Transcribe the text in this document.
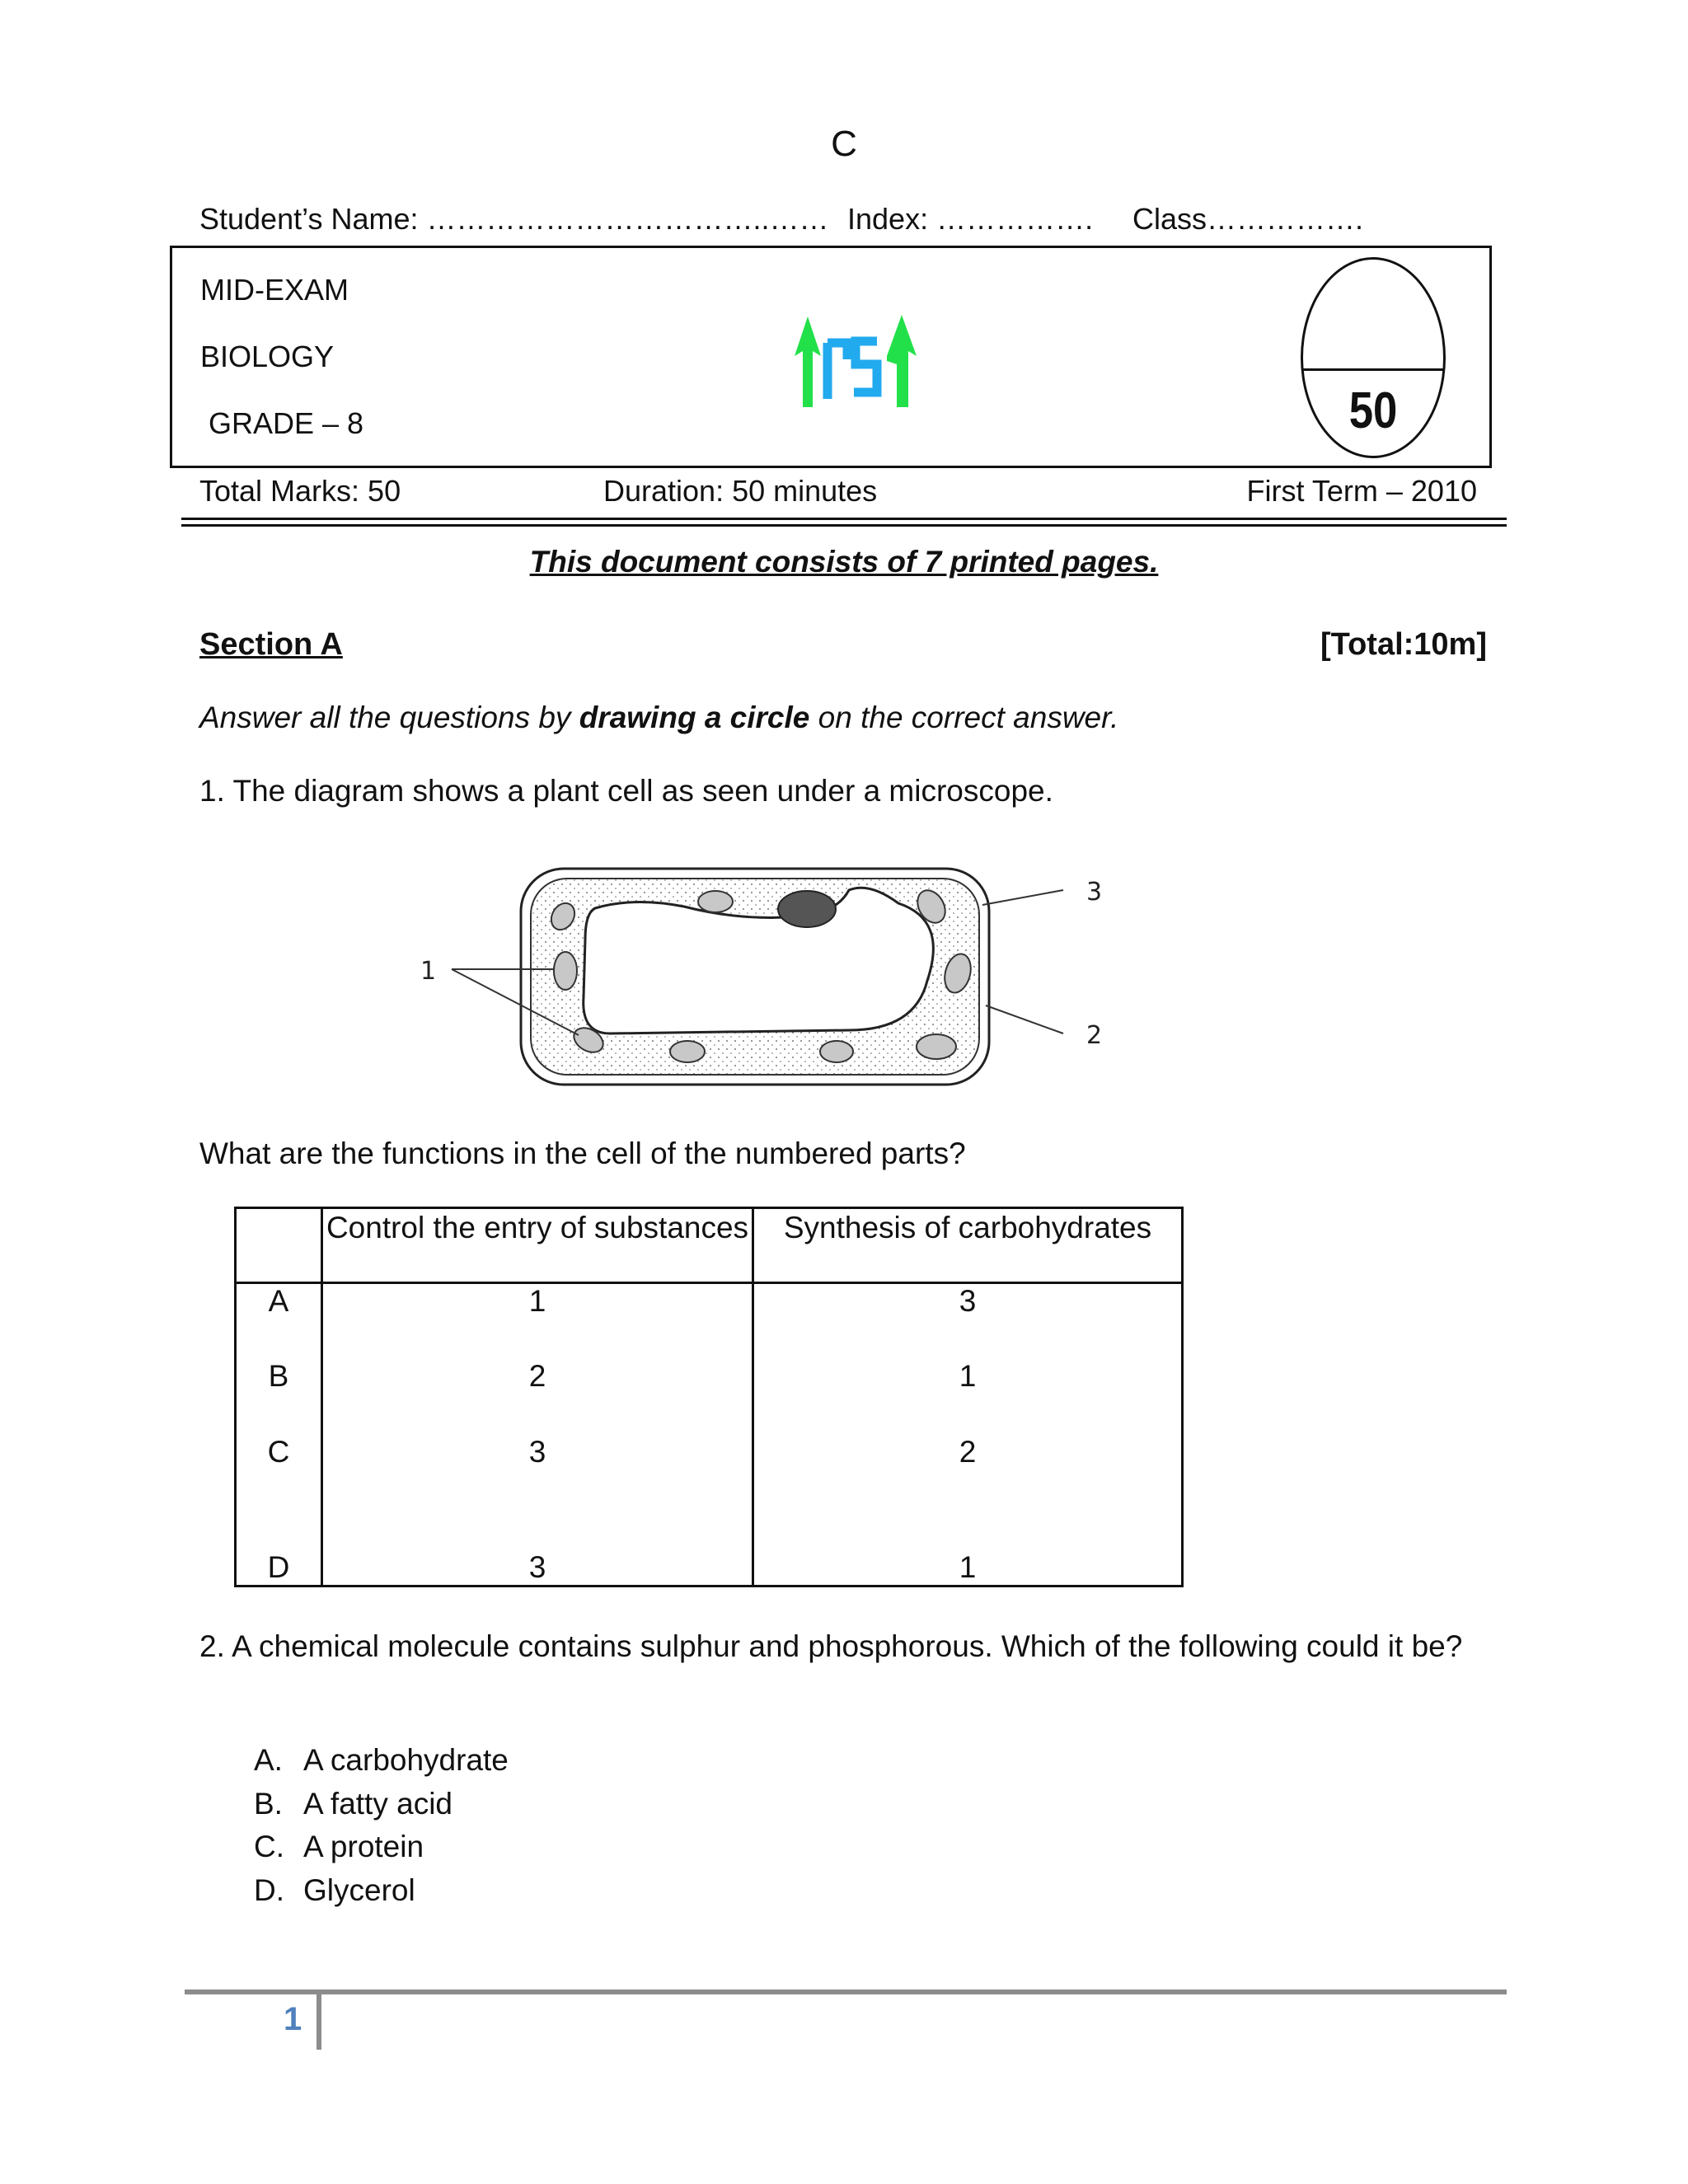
C
Student’s Name: ……………………………..…… Index: ……………. Class…………….
MID-EXAM
BIOLOGY
GRADE – 8	50
Total Marks: 50	Duration: 50 minutes	First Term – 2010
This document consists of 7 printed pages.
Section A	[Total:10m]
Answer all the questions by drawing a circle on the correct answer.
1. The diagram shows a plant cell as seen under a microscope.
1
2
3
What are the functions in the cell of the numbered parts?
	Control the entry of substances	Synthesis of carbohydrates
A	1	3
B	2	1
C	3	2
D	3	1
2. A chemical molecule contains sulphur and phosphorous. Which of the following could it be?
A. A carbohydrate
B. A fatty acid
C. A protein
D. Glycerol
1
